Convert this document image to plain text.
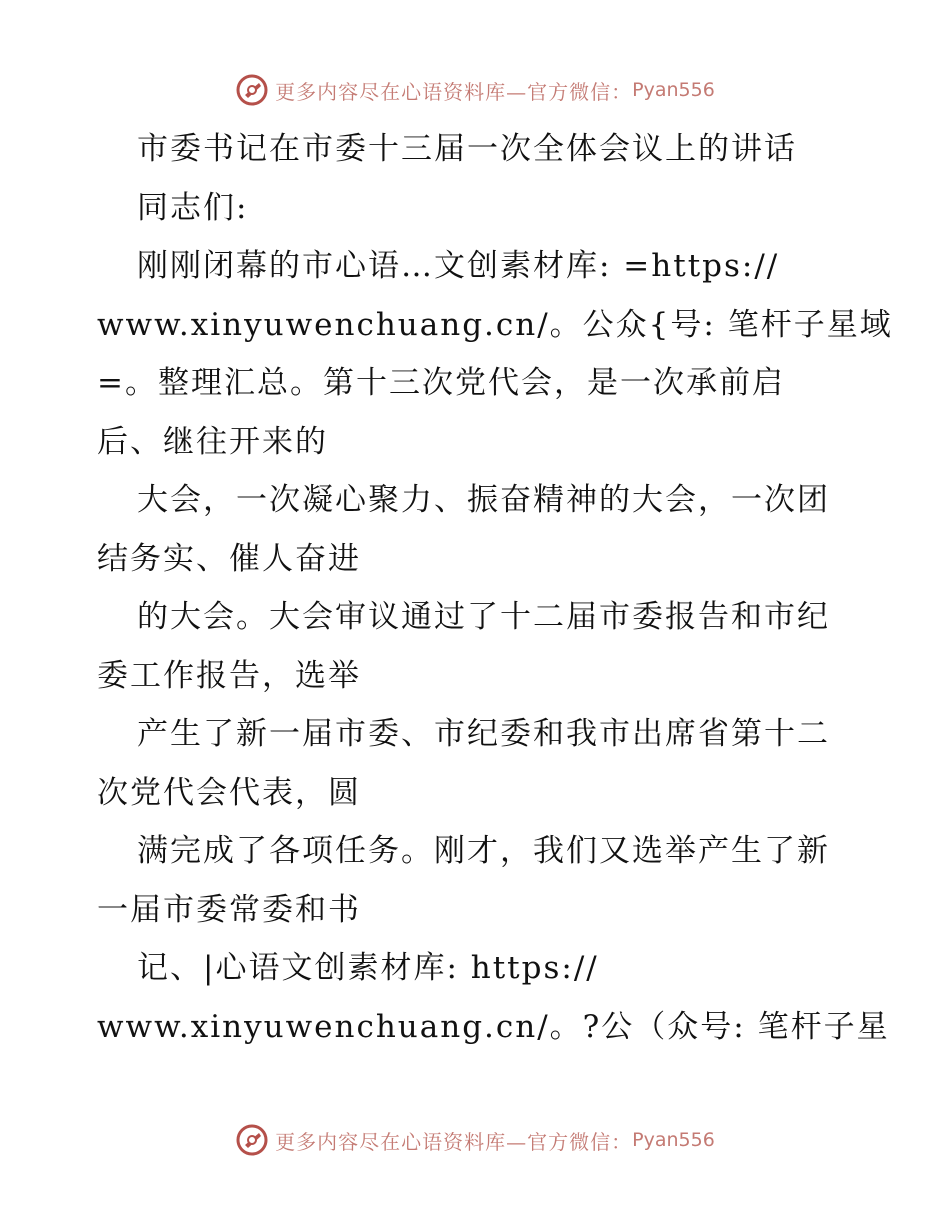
更多内容尽在心语资料库—官方微信： Pyan556
市委书记在市委十三届一次全体会议上的讲话
同志们:
刚刚闭幕的市心语…文创素材库: =https://
www.xinyuwenchuang.cn/。公众{号: 笔杆子星域
=。整理汇总。第十三次党代会，是一次承前启
后、继往开来的
大会，一次凝心聚力、振奋精神的大会，一次团
结务实、催人奋进
的大会。大会审议通过了十二届市委报告和市纪
委工作报告，选举
产生了新一届市委、市纪委和我市出席省第十二
次党代会代表，圆
满完成了各项任务。刚才，我们又选举产生了新
一届市委常委和书
记、|心语文创素材库: https://
www.xinyuwenchuang.cn/。?公（众号: 笔杆子星
更多内容尽在心语资料库—官方微信： Pyan556
